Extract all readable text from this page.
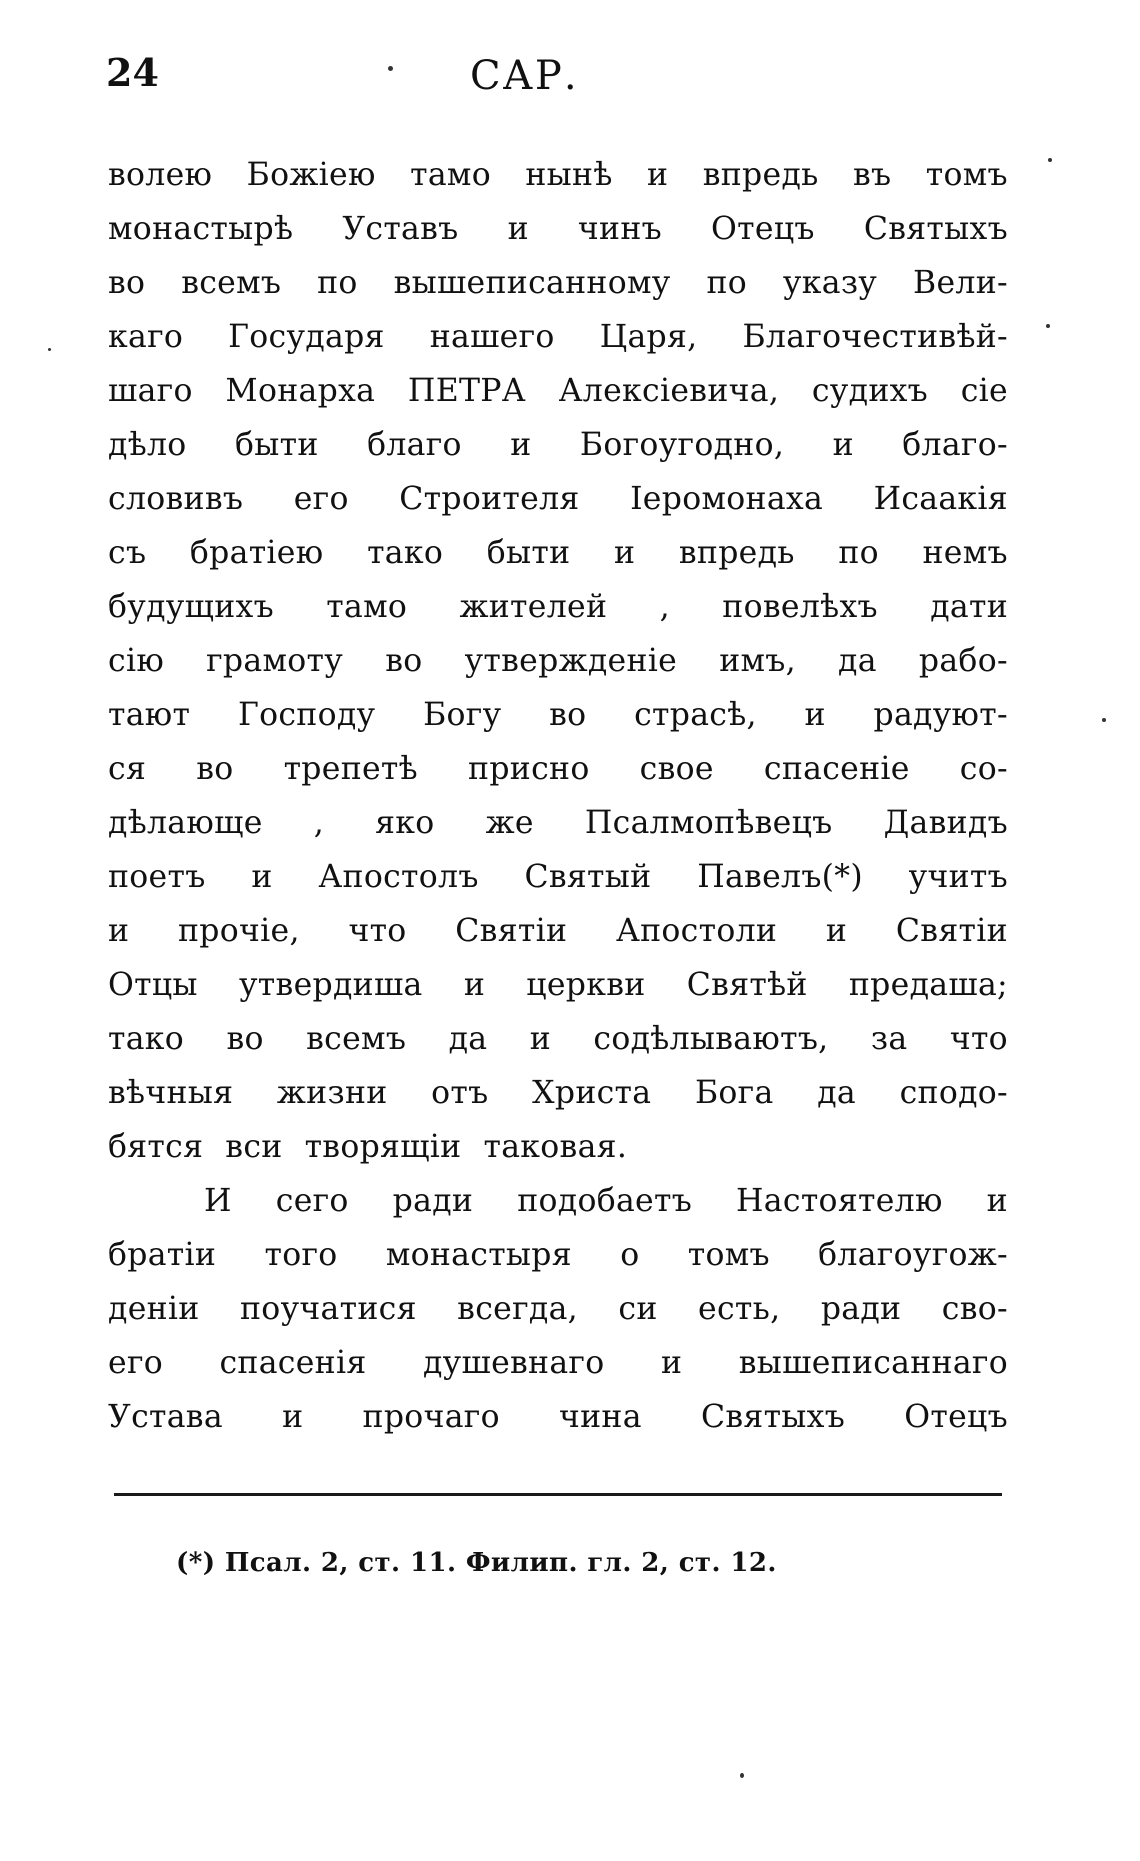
24	САР.
волею Божiею тамо нынѣ и впредь въ томъ
монастырѣ Уставъ и чинъ Отецъ Святыхъ
во всемъ по вышеписанному по указу Вели-
каго Государя нашего Царя, Благочестивѣй-
шаго Монарха ПЕТРА Алексiевича, судихъ сiе
дѣло быти благо и Богоугодно, и благо-
словивъ его Строителя Iеромонаха Исаакiя
съ братiею тако быти и впредь по немъ
будущихъ тамо жителей , повелѣхъ дати
сiю грамоту во утвержденiе имъ, да рабо-
тают Господу Богу во страсѣ, и радуют-
ся во трепетѣ присно свое спасенiе со-
дѣлающе , яко же Псалмопѣвецъ Давидъ
поетъ и Апостолъ Святый Павелъ(*) учитъ
и прочiе, что Святiи Апостоли и Святiи
Отцы утвердиша и церкви Святѣй предаша;
тако во всемъ да и содѣлываютъ, за что
вѣчныя жизни отъ Христа Бога да сподо-
бятся вси творящiи таковая.
И сего ради подобаетъ Настоятелю и
братiи того монастыря о томъ благоугож-
денiи поучатися всегда, си есть, ради сво-
его спасенiя душевнаго и вышеписаннаго
Устава и прочаго чина Святыхъ Отецъ
(*) Псал. 2, ст. 11. Филип. гл. 2, ст. 12.
